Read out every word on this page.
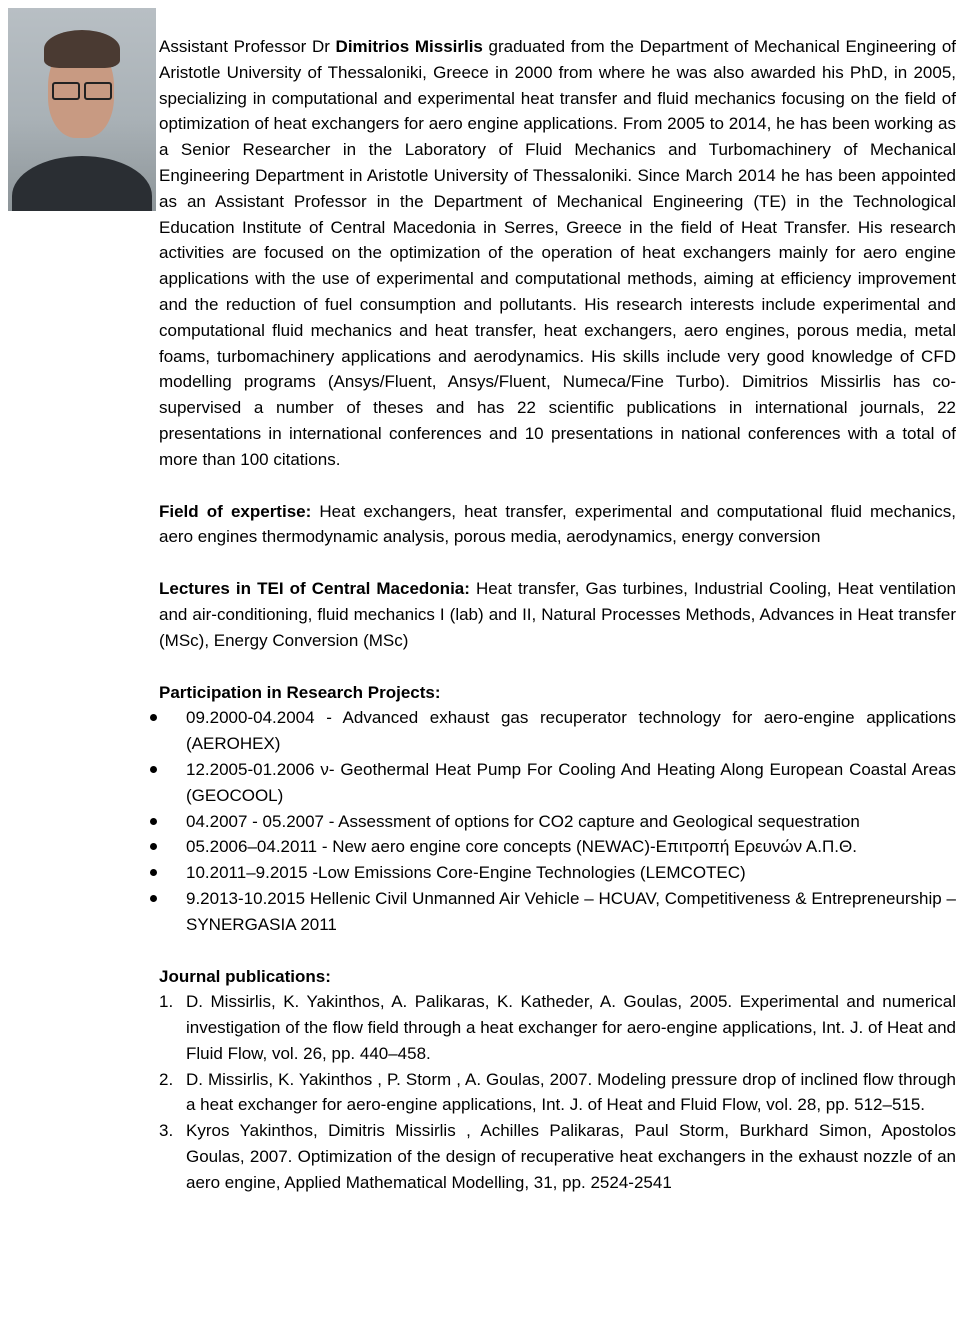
Assistant Professor Dr Dimitrios Missirlis graduated from the Department of Mechanical Engineering of Aristotle University of Thessaloniki, Greece in 2000 from where he was also awarded his PhD, in 2005, specializing in computational and experimental heat transfer and fluid mechanics focusing on the field of optimization of heat exchangers for aero engine applications. From 2005 to 2014, he has been working as a Senior Researcher in the Laboratory of Fluid Mechanics and Turbomachinery of Mechanical Engineering Department in Aristotle University of Thessaloniki. Since March 2014 he has been appointed as an Assistant Professor in the Department of Mechanical Engineering (TE) in the Technological Education Institute of Central Macedonia in Serres, Greece in the field of Heat Transfer. His research activities are focused on the optimization of the operation of heat exchangers mainly for aero engine applications with the use of experimental and computational methods, aiming at efficiency improvement and the reduction of fuel consumption and pollutants. His research interests include experimental and computational fluid mechanics and heat transfer, heat exchangers, aero engines, porous media, metal foams, turbomachinery applications and aerodynamics. His skills include very good knowledge of CFD modelling programs (Ansys/Fluent, Ansys/Fluent, Numeca/Fine Turbo). Dimitrios Missirlis has co-supervised a number of theses and has 22 scientific publications in international journals, 22 presentations in international conferences and 10 presentations in national conferences with a total of more than 100 citations.

Field of expertise: Heat exchangers, heat transfer, experimental and computational fluid mechanics, aero engines thermodynamic analysis, porous media, aerodynamics, energy conversion

Lectures in TEI of Central Macedonia: Heat transfer, Gas turbines, Industrial Cooling, Heat ventilation and air-conditioning, fluid mechanics I (lab) and II, Natural Processes Methods, Advances in Heat transfer (MSc), Energy Conversion (MSc)

Participation in Research Projects:

09.2000-04.2004 - Advanced exhaust gas recuperator technology for aero-engine applications (AEROHEX)
12.2005-01.2006 ν- Geothermal Heat Pump For Cooling And Heating Along European Coastal Areas (GEOCOOL)
04.2007 - 05.2007 - Assessment of options for CO2 capture and Geological sequestration
05.2006–04.2011 - New aero engine core concepts (NEWAC)-Επιτροπή Ερευνών Α.Π.Θ.
10.2011–9.2015 -Low Emissions Core-Engine Technologies (LEMCOTEC)
9.2013-10.2015 Hellenic Civil Unmanned Air Vehicle – HCUAV, Competitiveness & Entrepreneurship – SYNERGASIA 2011

Journal publications:

1. D. Missirlis, K. Yakinthos, A. Palikaras, K. Katheder, A. Goulas, 2005. Experimental and numerical investigation of the flow field through a heat exchanger for aero-engine applications, Int. J. of Heat and Fluid Flow, vol. 26, pp. 440–458.
2. D. Missirlis, K. Yakinthos , P. Storm , A. Goulas, 2007. Modeling pressure drop of inclined flow through a heat exchanger for aero-engine applications, Int. J. of Heat and Fluid Flow, vol. 28, pp. 512–515.
3. Kyros Yakinthos, Dimitris Missirlis , Achilles Palikaras, Paul Storm, Burkhard Simon, Apostolos Goulas, 2007. Optimization of the design of recuperative heat exchangers in the exhaust nozzle of an aero engine, Applied Mathematical Modelling, 31, pp. 2524-2541
